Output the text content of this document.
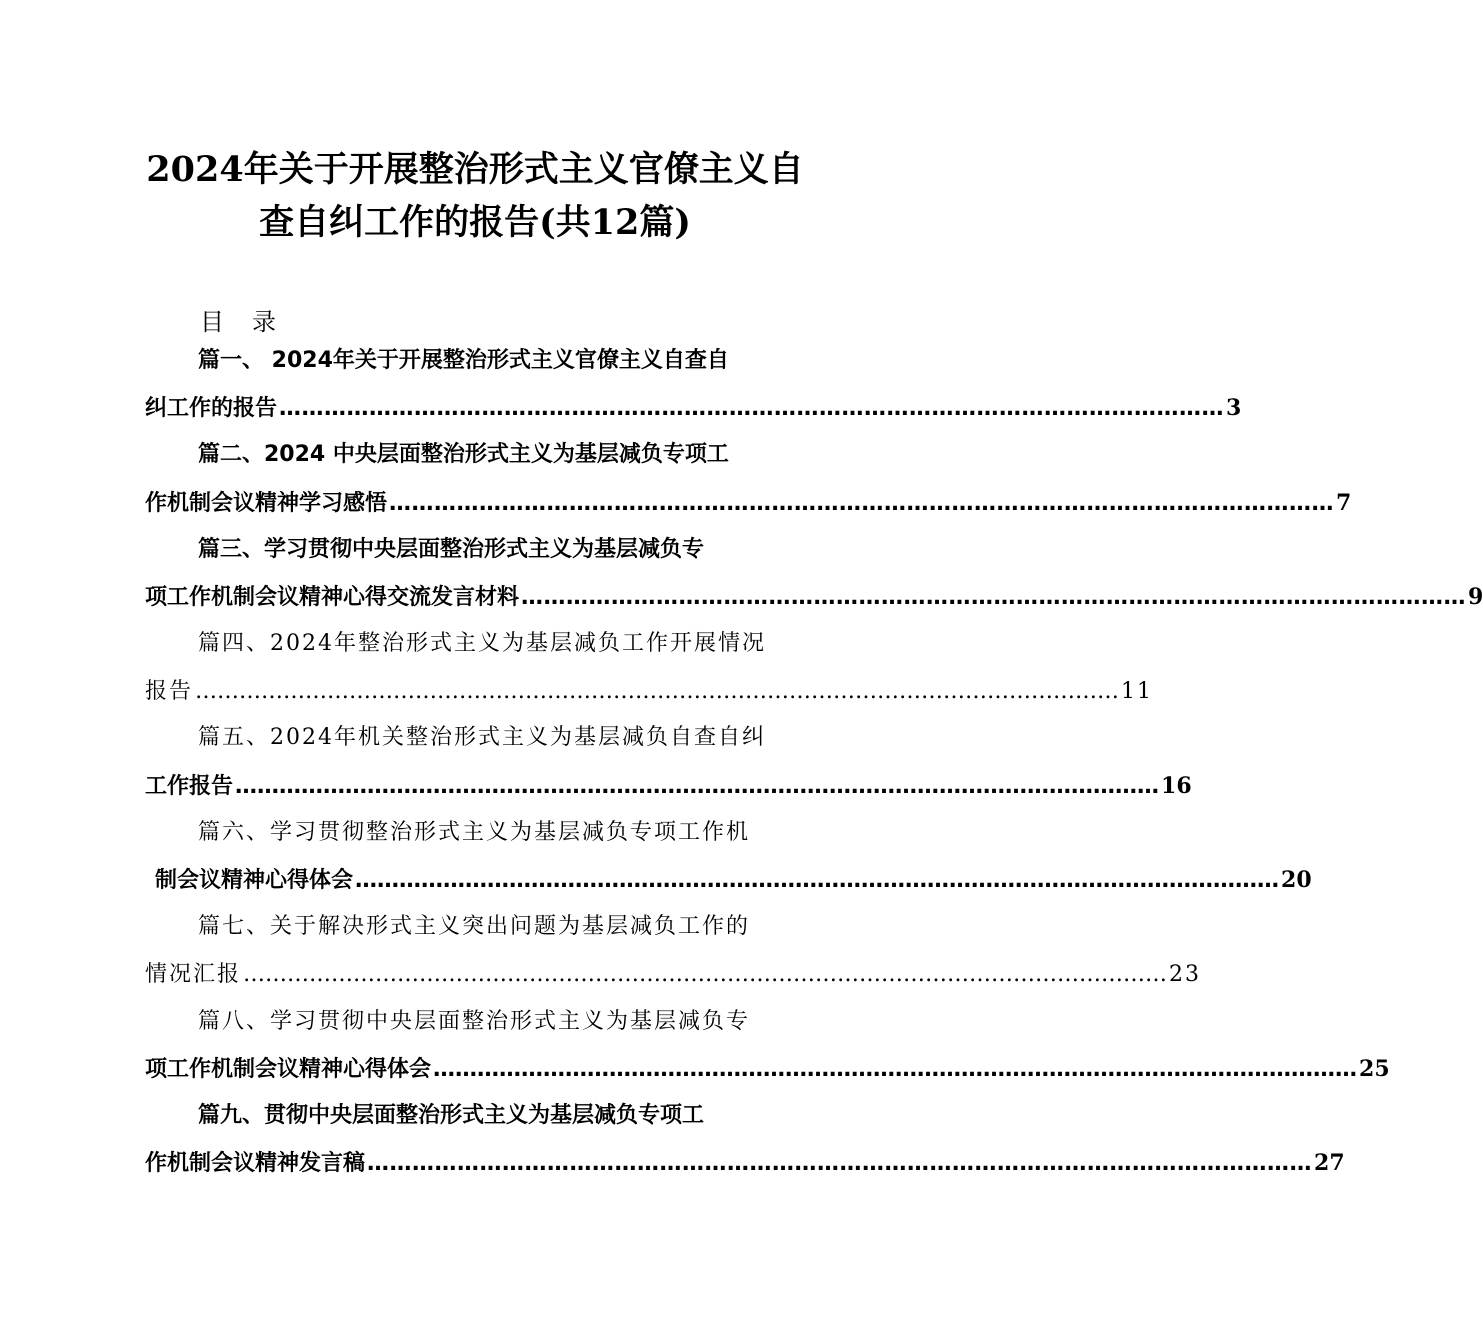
2024年关于开展整治形式主义官僚主义自
查自纠工作的报告(共12篇)
目录
篇一、 2024年关于开展整治形式主义官僚主义自查自
纠工作的报告 ……………………………………………………………………………………………………………… 3
篇二、2024 中央层面整治形式主义为基层减负专项工
作机制会议精神学习感悟 ……………………………………………………………………………………………………………… 7
篇三、学习贯彻中央层面整治形式主义为基层减负专
项工作机制会议精神心得交流发言材料 ……………………………………………………………………………………………………………… 9
篇四、2024年整治形式主义为基层减负工作开展情况
报告 ……………………………………………………………………………………………………………… 11
篇五、2024年机关整治形式主义为基层减负自查自纠
工作报告 ……………………………………………………………………………………………………………… 16
篇六、学习贯彻整治形式主义为基层减负专项工作机
制会议精神心得体会 ……………………………………………………………………………………………………………… 20
篇七、关于解决形式主义突出问题为基层减负工作的
情况汇报 ……………………………………………………………………………………………………………… 23
篇八、学习贯彻中央层面整治形式主义为基层减负专
项工作机制会议精神心得体会 ……………………………………………………………………………………………………………… 25
篇九、贯彻中央层面整治形式主义为基层减负专项工
作机制会议精神发言稿 ……………………………………………………………………………………………………………… 27
